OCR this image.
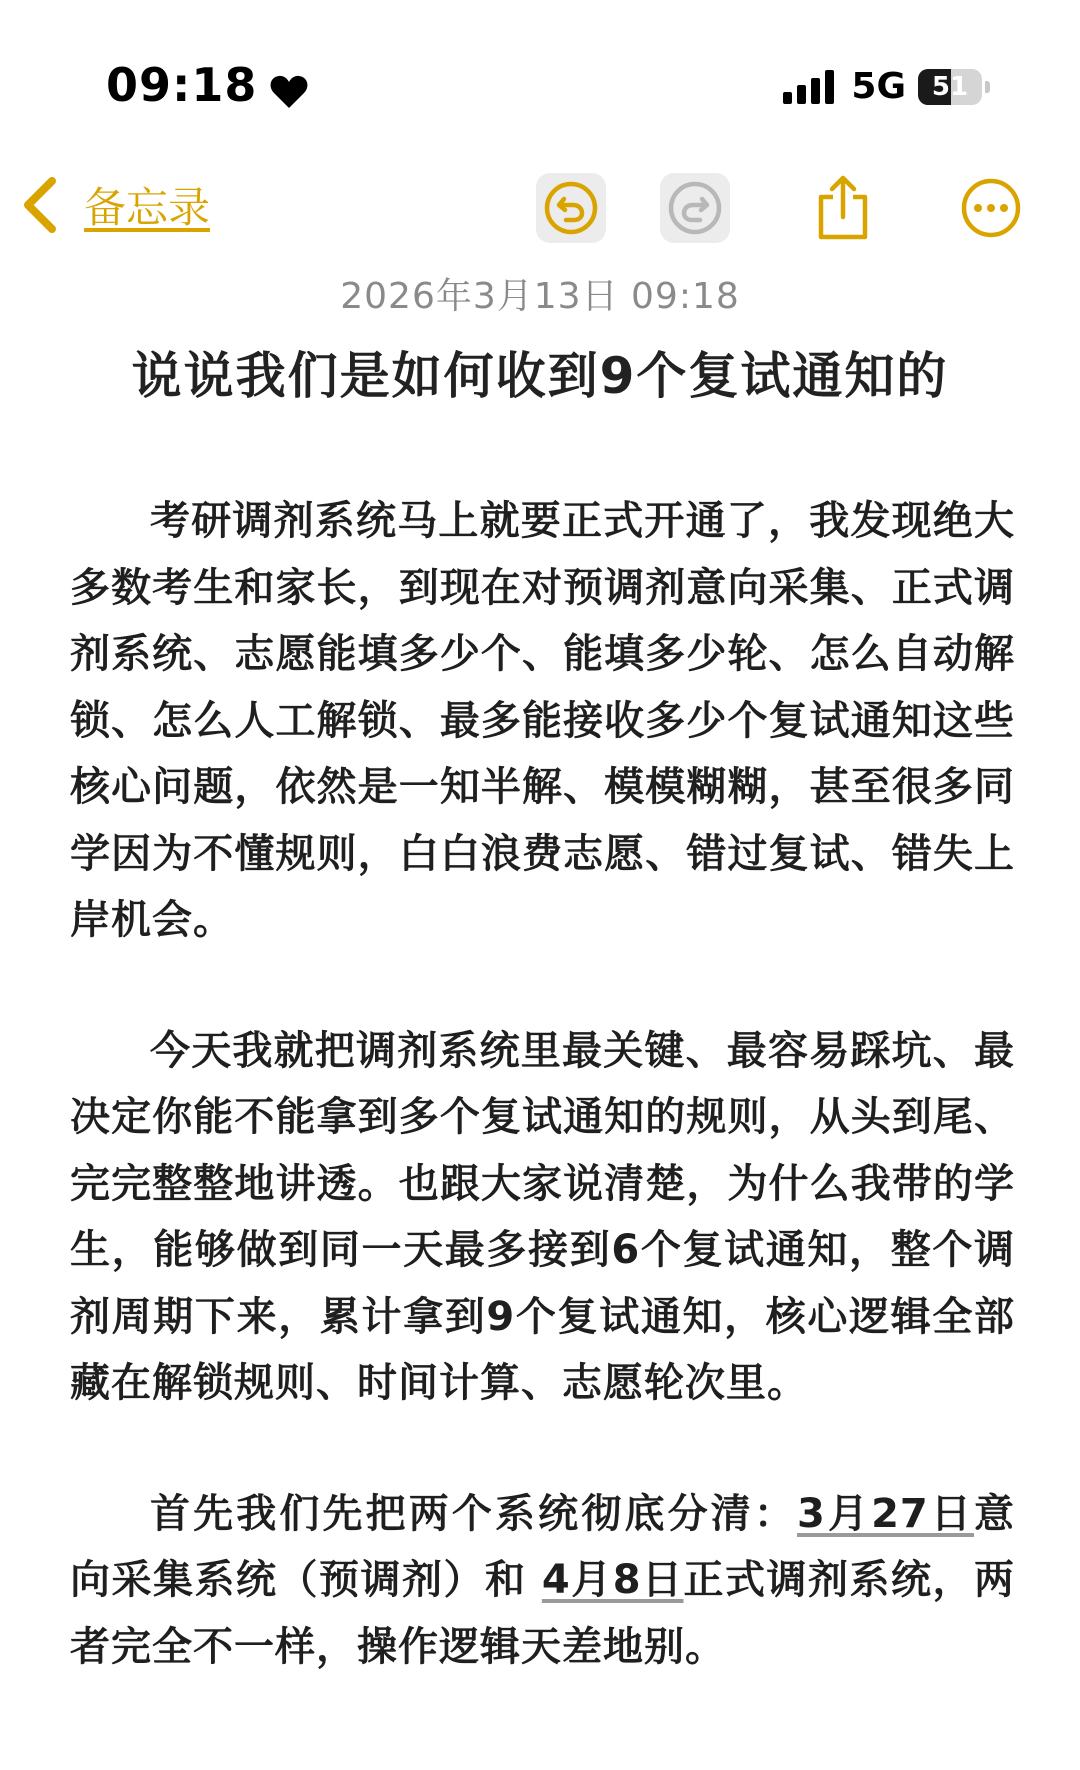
09:18	5G 51
备忘录
2026年3月13日 09:18
说说我们是如何收到9个复试通知的

考研调剂系统马上就要正式开通了，我发现绝大多数考生和家长，到现在对预调剂意向采集、正式调剂系统、志愿能填多少个、能填多少轮、怎么自动解锁、怎么人工解锁、最多能接收多少个复试通知这些核心问题，依然是一知半解、模模糊糊，甚至很多同学因为不懂规则，白白浪费志愿、错过复试、错失上岸机会。

今天我就把调剂系统里最关键、最容易踩坑、最决定你能不能拿到多个复试通知的规则，从头到尾、完完整整地讲透。也跟大家说清楚，为什么我带的学生，能够做到同一天最多接到6个复试通知，整个调剂周期下来，累计拿到9个复试通知，核心逻辑全部藏在解锁规则、时间计算、志愿轮次里。

首先我们先把两个系统彻底分清：3月27日意向采集系统（预调剂）和 4月8日正式调剂系统，两者完全不一样，操作逻辑天差地别。
